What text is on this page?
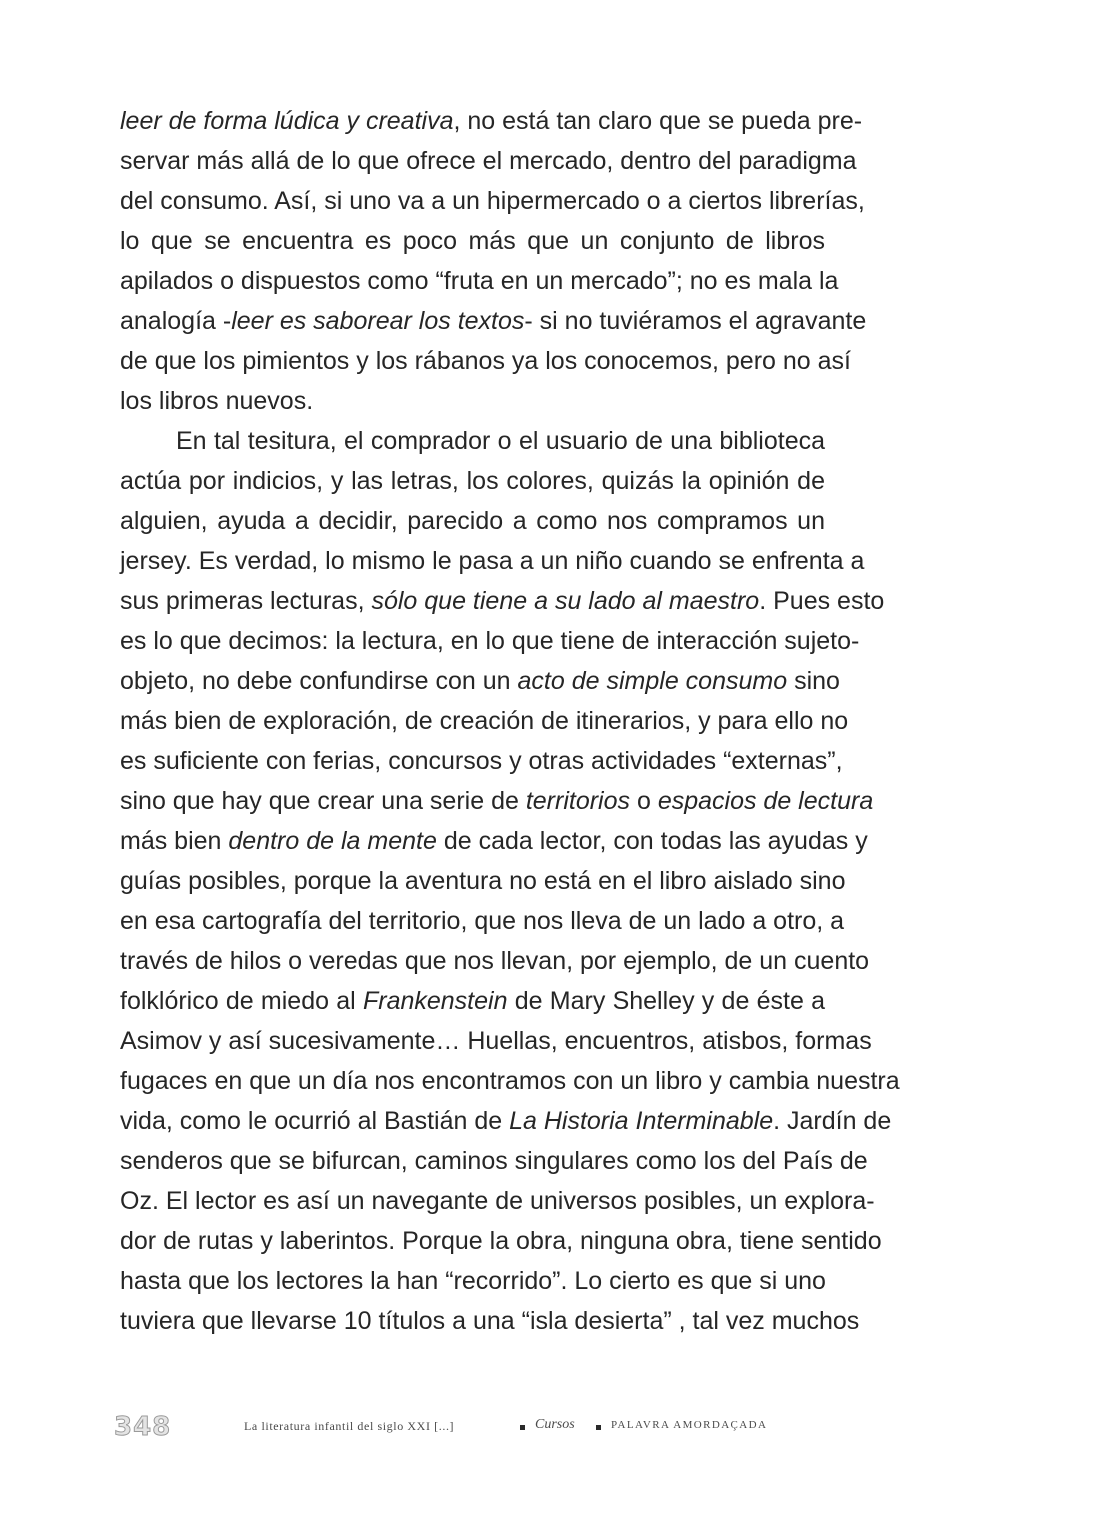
leer de forma lúdica y creativa, no está tan claro que se pueda pre-
servar más allá de lo que ofrece el mercado, dentro del paradigma
del consumo. Así, si uno va a un hipermercado o a ciertos librerías,
lo que se encuentra es poco más que un conjunto de libros
apilados o dispuestos como “fruta en un mercado”; no es mala la
analogía -leer es saborear los textos- si no tuviéramos el agravante
de que los pimientos y los rábanos ya los conocemos, pero no así
los libros nuevos.
En tal tesitura, el comprador o el usuario de una biblioteca
actúa por indicios, y las letras, los colores, quizás la opinión de
alguien, ayuda a decidir, parecido a como nos compramos un
jersey. Es verdad, lo mismo le pasa a un niño cuando se enfrenta a
sus primeras lecturas, sólo que tiene a su lado al maestro. Pues esto
es lo que decimos: la lectura, en lo que tiene de interacción sujeto-
objeto, no debe confundirse con un acto de simple consumo sino
más bien de exploración, de creación de itinerarios, y para ello no
es suficiente con ferias, concursos y otras actividades “externas”,
sino que hay que crear una serie de territorios o espacios de lectura
más bien dentro de la mente de cada lector, con todas las ayudas y
guías posibles, porque la aventura no está en el libro aislado sino
en esa cartografía del territorio, que nos lleva de un lado a otro, a
través de hilos o veredas que nos llevan, por ejemplo, de un cuento
folklórico de miedo al Frankenstein de Mary Shelley y de éste a
Asimov y así sucesivamente… Huellas, encuentros, atisbos, formas
fugaces en que un día nos encontramos con un libro y cambia nuestra
vida, como le ocurrió al Bastián de La Historia Interminable. Jardín de
senderos que se bifurcan, caminos singulares como los del País de
Oz. El lector es así un navegante de universos posibles, un explora-
dor de rutas y laberintos. Porque la obra, ninguna obra, tiene sentido
hasta que los lectores la han “recorrido”. Lo cierto es que si uno
tuviera que llevarse 10 títulos a una “isla desierta” , tal vez muchos
348	La literatura infantil del siglo XXI [...]	Cursos	PALAVRA AMORDAÇADA
